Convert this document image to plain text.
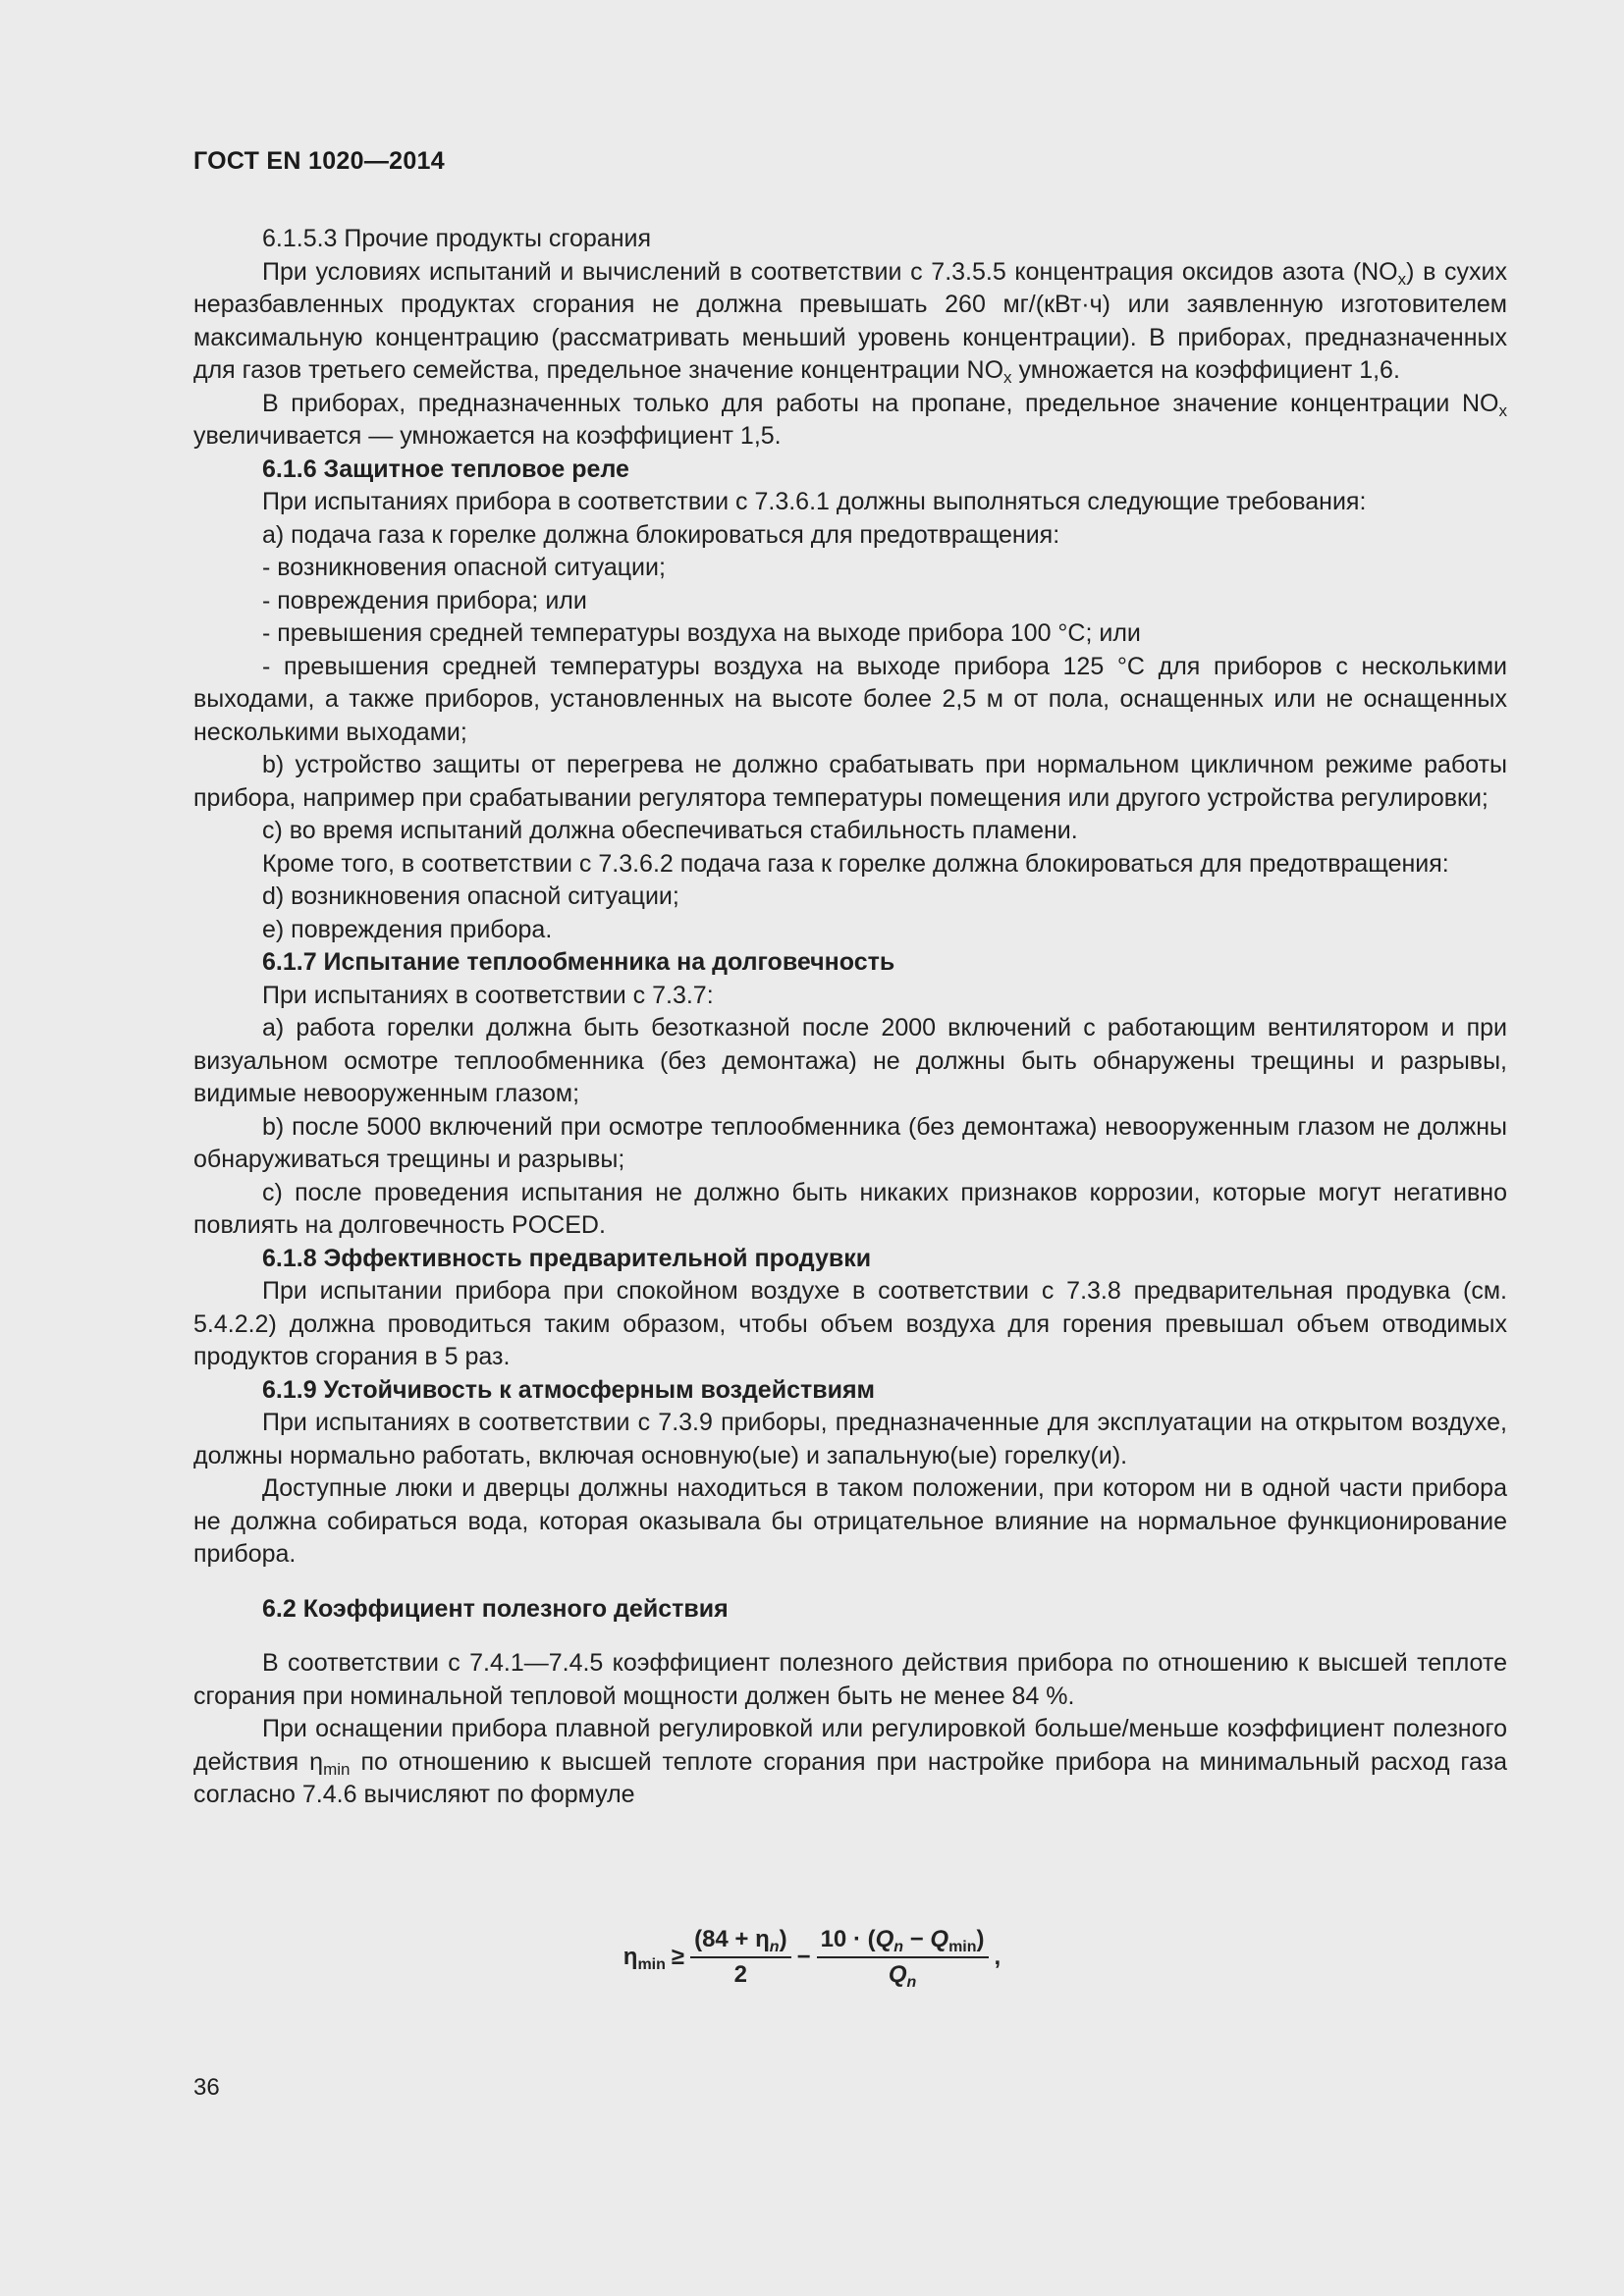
ГОСТ EN 1020—2014

6.1.5.3 Прочие продукты сгорания

При условиях испытаний и вычислений в соответствии с 7.3.5.5 концентрация оксидов азота $(NO_x)$ в сухих неразбавленных продуктах сгорания не должна превышать 260 мг/(кВт·ч) или заявленную изготовителем максимальную концентрацию (рассматривать меньший уровень концентрации). В приборах, предназначенных для газов третьего семейства, предельное значение концентрации $NO_x$ умножается на коэффициент 1,6.

В приборах, предназначенных только для работы на пропане, предельное значение концентрации $NO_x$ увеличивается — умножается на коэффициент 1,5.

6.1.6 Защитное тепловое реле

При испытаниях прибора в соответствии с 7.3.6.1 должны выполняться следующие требования:

a) подача газа к горелке должна блокироваться для предотвращения:

- возникновения опасной ситуации;

- повреждения прибора; или

- превышения средней температуры воздуха на выходе прибора 100 °С; или

- превышения средней температуры воздуха на выходе прибора 125 °С для приборов с несколькими выходами, а также приборов, установленных на высоте более 2,5 м от пола, оснащенных или не оснащенных несколькими выходами;

b) устройство защиты от перегрева не должно срабатывать при нормальном цикличном режиме работы прибора, например при срабатывании регулятора температуры помещения или другого устройства регулировки;

c) во время испытаний должна обеспечиваться стабильность пламени.

Кроме того, в соответствии с 7.3.6.2 подача газа к горелке должна блокироваться для предотвращения:

d) возникновения опасной ситуации;

e) повреждения прибора.

6.1.7 Испытание теплообменника на долговечность

При испытаниях в соответствии с 7.3.7:

a) работа горелки должна быть безотказной после 2000 включений с работающим вентилятором и при визуальном осмотре теплообменника (без демонтажа) не должны быть обнаружены трещины и разрывы, видимые невооруженным глазом;

b) после 5000 включений при осмотре теплообменника (без демонтажа) невооруженным глазом не должны обнаруживаться трещины и разрывы;

c) после проведения испытания не должно быть никаких признаков коррозии, которые могут негативно повлиять на долговечность POCED.

6.1.8 Эффективность предварительной продувки

При испытании прибора при спокойном воздухе в соответствии с 7.3.8 предварительная продувка (см. 5.4.2.2) должна проводиться таким образом, чтобы объем воздуха для горения превышал объем отводимых продуктов сгорания в 5 раз.

6.1.9 Устойчивость к атмосферным воздействиям

При испытаниях в соответствии с 7.3.9 приборы, предназначенные для эксплуатации на открытом воздухе, должны нормально работать, включая основную(ые) и запальную(ые) горелку(и).

Доступные люки и дверцы должны находиться в таком положении, при котором ни в одной части прибора не должна собираться вода, которая оказывала бы отрицательное влияние на нормальное функционирование прибора.

6.2 Коэффициент полезного действия

В соответствии с 7.4.1—7.4.5 коэффициент полезного действия прибора по отношению к высшей теплоте сгорания при номинальной тепловой мощности должен быть не менее 84 %.

При оснащении прибора плавной регулировкой или регулировкой больше/меньше коэффициент полезного действия $\eta_{min}$ по отношению к высшей теплоте сгорания при настройке прибора на минимальный расход газа согласно 7.4.6 вычисляют по формуле

$\eta_{min} \ge \frac{(84 + \eta_n)}{2} - \frac{10 \cdot (Q_n - Q_{min})}{Q_n}$ ,
36
